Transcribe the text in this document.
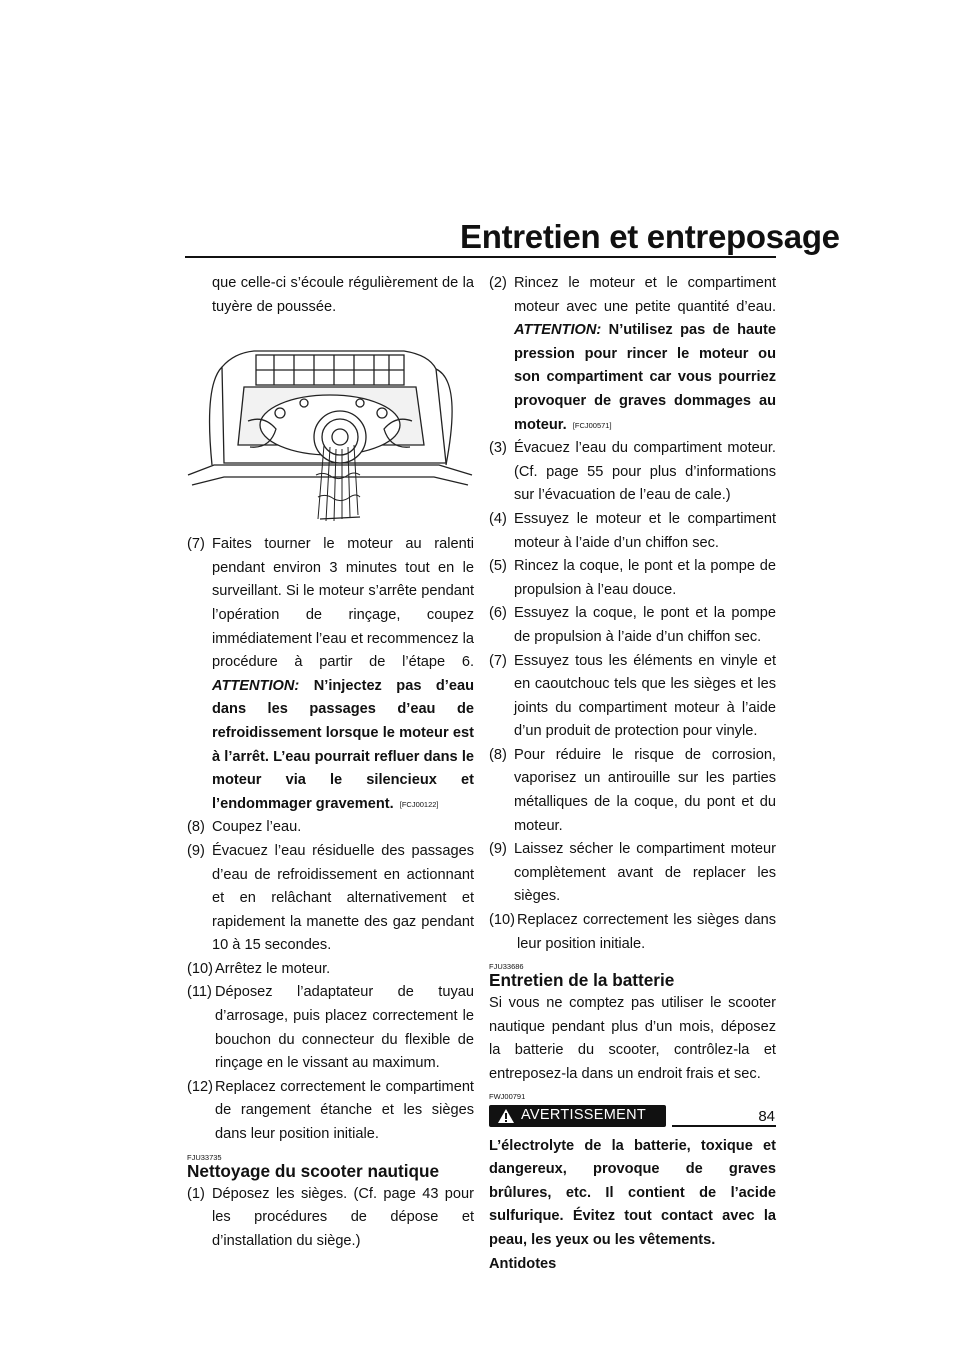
Entretien et entreposage

que celle-ci s’écoule régulièrement de la tuyère de poussée.

(7) Faites tourner le moteur au ralenti pendant environ 3 minutes tout en le surveillant. Si le moteur s’arrête pendant l’opération de rinçage, coupez immédiatement l’eau et recommencez la procédure à partir de l’étape 6. ATTENTION: N’injectez pas d’eau dans les passages d’eau de refroidissement lorsque le moteur est à l’arrêt. L’eau pourrait refluer dans le moteur via le silencieux et l’endommager gravement. [FCJ00122]
(8) Coupez l’eau.
(9) Évacuez l’eau résiduelle des passages d’eau de refroidissement en actionnant et en relâchant alternativement et rapidement la manette des gaz pendant 10 à 15 secondes.
(10) Arrêtez le moteur.
(11) Déposez l’adaptateur de tuyau d’arrosage, puis placez correctement le bouchon du connecteur du flexible de rinçage en le vissant au maximum.
(12) Replacez correctement le compartiment de rangement étanche et les sièges dans leur position initiale.
FJU33735
Nettoyage du scooter nautique
(1) Déposez les sièges. (Cf. page 43 pour les procédures de dépose et d’installation du siège.)
(2) Rincez le moteur et le compartiment moteur avec une petite quantité d’eau. ATTENTION: N’utilisez pas de haute pression pour rincer le moteur ou son compartiment car vous pourriez provoquer de graves dommages au moteur. [FCJ00571]
(3) Évacuez l’eau du compartiment moteur. (Cf. page 55 pour plus d’informations sur l’évacuation de l’eau de cale.)
(4) Essuyez le moteur et le compartiment moteur à l’aide d’un chiffon sec.
(5) Rincez la coque, le pont et la pompe de propulsion à l’eau douce.
(6) Essuyez la coque, le pont et la pompe de propulsion à l’aide d’un chiffon sec.
(7) Essuyez tous les éléments en vinyle et en caoutchouc tels que les sièges et les joints du compartiment moteur à l’aide d’un produit de protection pour vinyle.
(8) Pour réduire le risque de corrosion, vaporisez un antirouille sur les parties métalliques de la coque, du pont et du moteur.
(9) Laissez sécher le compartiment moteur complètement avant de replacer les sièges.
(10) Replacez correctement les sièges dans leur position initiale.
FJU33686
Entretien de la batterie

Si vous ne comptez pas utiliser le scooter nautique pendant plus d’un mois, déposez la batterie du scooter, contrôlez-la et entreposez-la dans un endroit frais et sec.

FWJ00791
AVERTISSEMENT

L’électrolyte de la batterie, toxique et dangereux, provoque de graves brûlures, etc. Il contient de l’acide sulfurique. Évitez tout contact avec la peau, les yeux ou les vêtements.

Antidotes

84
